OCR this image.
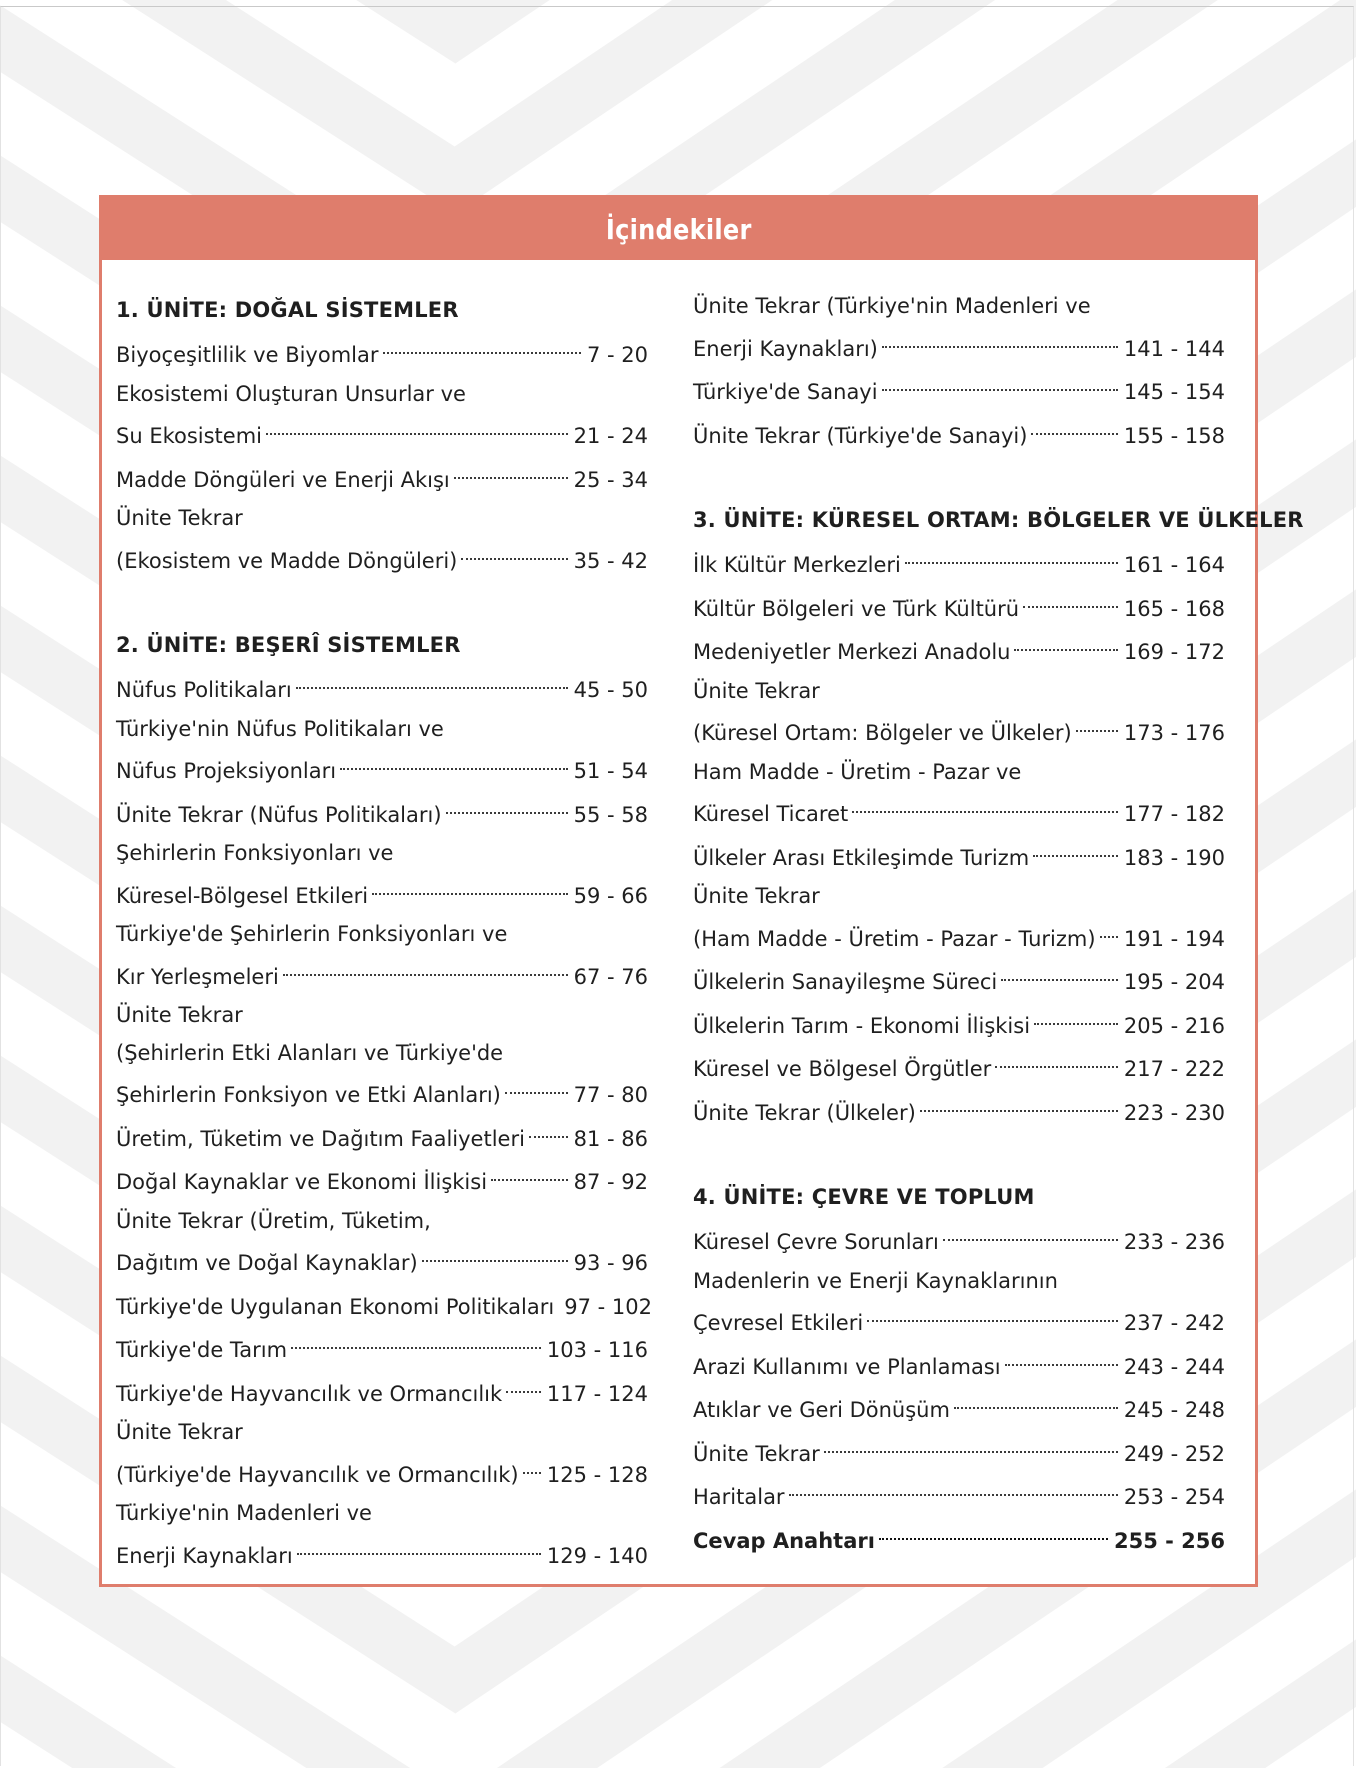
İçindekiler
1. ÜNİTE: DOĞAL SİSTEMLER
Biyoçeşitlilik ve Biyomlar	7 - 20
Ekosistemi Oluşturan Unsurlar ve
Su Ekosistemi	21 - 24
Madde Döngüleri ve Enerji Akışı	25 - 34
Ünite Tekrar
(Ekosistem ve Madde Döngüleri)	35 - 42
2. ÜNİTE: BEŞERÎ SİSTEMLER
Nüfus Politikaları	45 - 50
Türkiye'nin Nüfus Politikaları ve
Nüfus Projeksiyonları	51 - 54
Ünite Tekrar (Nüfus Politikaları)	55 - 58
Şehirlerin Fonksiyonları ve
Küresel-Bölgesel Etkileri	59 - 66
Türkiye'de Şehirlerin Fonksiyonları ve
Kır Yerleşmeleri	67 - 76
Ünite Tekrar
(Şehirlerin Etki Alanları ve Türkiye'de
Şehirlerin Fonksiyon ve Etki Alanları)	77 - 80
Üretim, Tüketim ve Dağıtım Faaliyetleri 81 - 86
Doğal Kaynaklar ve Ekonomi İlişkisi	87 - 92
Ünite Tekrar (Üretim, Tüketim,
Dağıtım ve Doğal Kaynaklar)	93 - 96
Türkiye'de Uygulanan Ekonomi Politikaları 97 - 102
Türkiye'de Tarım	103 - 116
Türkiye'de Hayvancılık ve Ormancılık 117 - 124
Ünite Tekrar
(Türkiye'de Hayvancılık ve Ormancılık) 125 - 128
Türkiye'nin Madenleri ve
Enerji Kaynakları	129 - 140
Ünite Tekrar (Türkiye'nin Madenleri ve
Enerji Kaynakları)	141 - 144
Türkiye'de Sanayi	145 - 154
Ünite Tekrar (Türkiye'de Sanayi)	155 - 158
3. ÜNİTE: KÜRESEL ORTAM: BÖLGELER VE ÜLKELER
İlk Kültür Merkezleri	161 - 164
Kültür Bölgeleri ve Türk Kültürü	165 - 168
Medeniyetler Merkezi Anadolu	169 - 172
Ünite Tekrar
(Küresel Ortam: Bölgeler ve Ülkeler) 173 - 176
Ham Madde - Üretim - Pazar ve
Küresel Ticaret	177 - 182
Ülkeler Arası Etkileşimde Turizm	183 - 190
Ünite Tekrar
(Ham Madde - Üretim - Pazar - Turizm) 191 - 194
Ülkelerin Sanayileşme Süreci	195 - 204
Ülkelerin Tarım - Ekonomi İlişkisi	205 - 216
Küresel ve Bölgesel Örgütler	217 - 222
Ünite Tekrar (Ülkeler)	223 - 230
4. ÜNİTE: ÇEVRE VE TOPLUM
Küresel Çevre Sorunları	233 - 236
Madenlerin ve Enerji Kaynaklarının
Çevresel Etkileri	237 - 242
Arazi Kullanımı ve Planlaması	243 - 244
Atıklar ve Geri Dönüşüm	245 - 248
Ünite Tekrar	249 - 252
Haritalar	253 - 254
Cevap Anahtarı	255 - 256
